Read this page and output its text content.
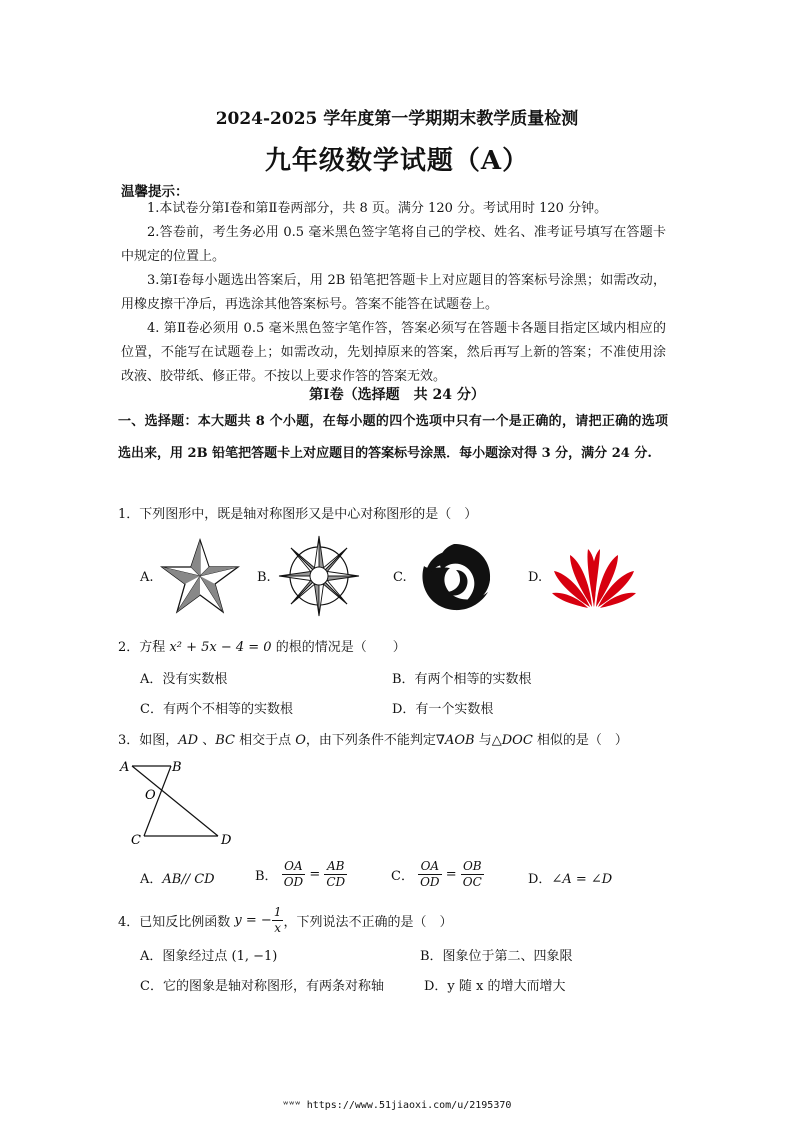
2024-2025 学年度第一学期期末教学质量检测
九年级数学试题（A）
温馨提示：
1.本试卷分第Ⅰ卷和第Ⅱ卷两部分，共 8 页。满分 120 分。考试用时 120 分钟。
2.答卷前，考生务必用 0.5 毫米黑色签字笔将自己的学校、姓名、准考证号填写在答题卡中规定的位置上。
3.第Ⅰ卷每小题选出答案后，用 2B 铅笔把答题卡上对应题目的答案标号涂黑；如需改动，用橡皮擦干净后，再选涂其他答案标号。答案不能答在试题卷上。
4. 第Ⅱ卷必须用 0.5 毫米黑色签字笔作答，答案必须写在答题卡各题目指定区域内相应的位置，不能写在试题卷上；如需改动，先划掉原来的答案，然后再写上新的答案；不准使用涂改液、胶带纸、修正带。不按以上要求作答的答案无效。
第Ⅰ卷（选择题　共 24 分）
一、选择题：本大题共 8 个小题，在每小题的四个选项中只有一个是正确的，请把正确的选项选出来，用 2B 铅笔把答题卡上对应题目的答案标号涂黑．每小题涂对得 3 分，满分 24 分.
1．下列图形中，既是轴对称图形又是中心对称图形的是（　）
A.	B.	C.	D.
2．方程 x² + 5x − 4 = 0 的根的情况是（　　）
A．没有实数根	B．有两个相等的实数根
C．有两个不相等的实数根	D．有一个实数根
3．如图，AD 、BC 相交于点 O，由下列条件不能判定∇AOB 与△DOC 相似的是（　）
A	B
O
C	D
A．AB// CD	B． $\frac{OA}{OD} = \frac{AB}{CD}$	C． $\frac{OA}{OD} = \frac{OB}{OC}$	D．∠A = ∠D
4．已知反比例函数 y = − $\frac{1}{x}$ ，下列说法不正确的是（　）
A．图象经过点 (1, −1)	B．图象位于第二、四象限
C．它的图象是轴对称图形，有两条对称轴	D．y 随 x 的增大而增大
ʷʷʷ https://www.51jiaoxi.com/u/2195370
